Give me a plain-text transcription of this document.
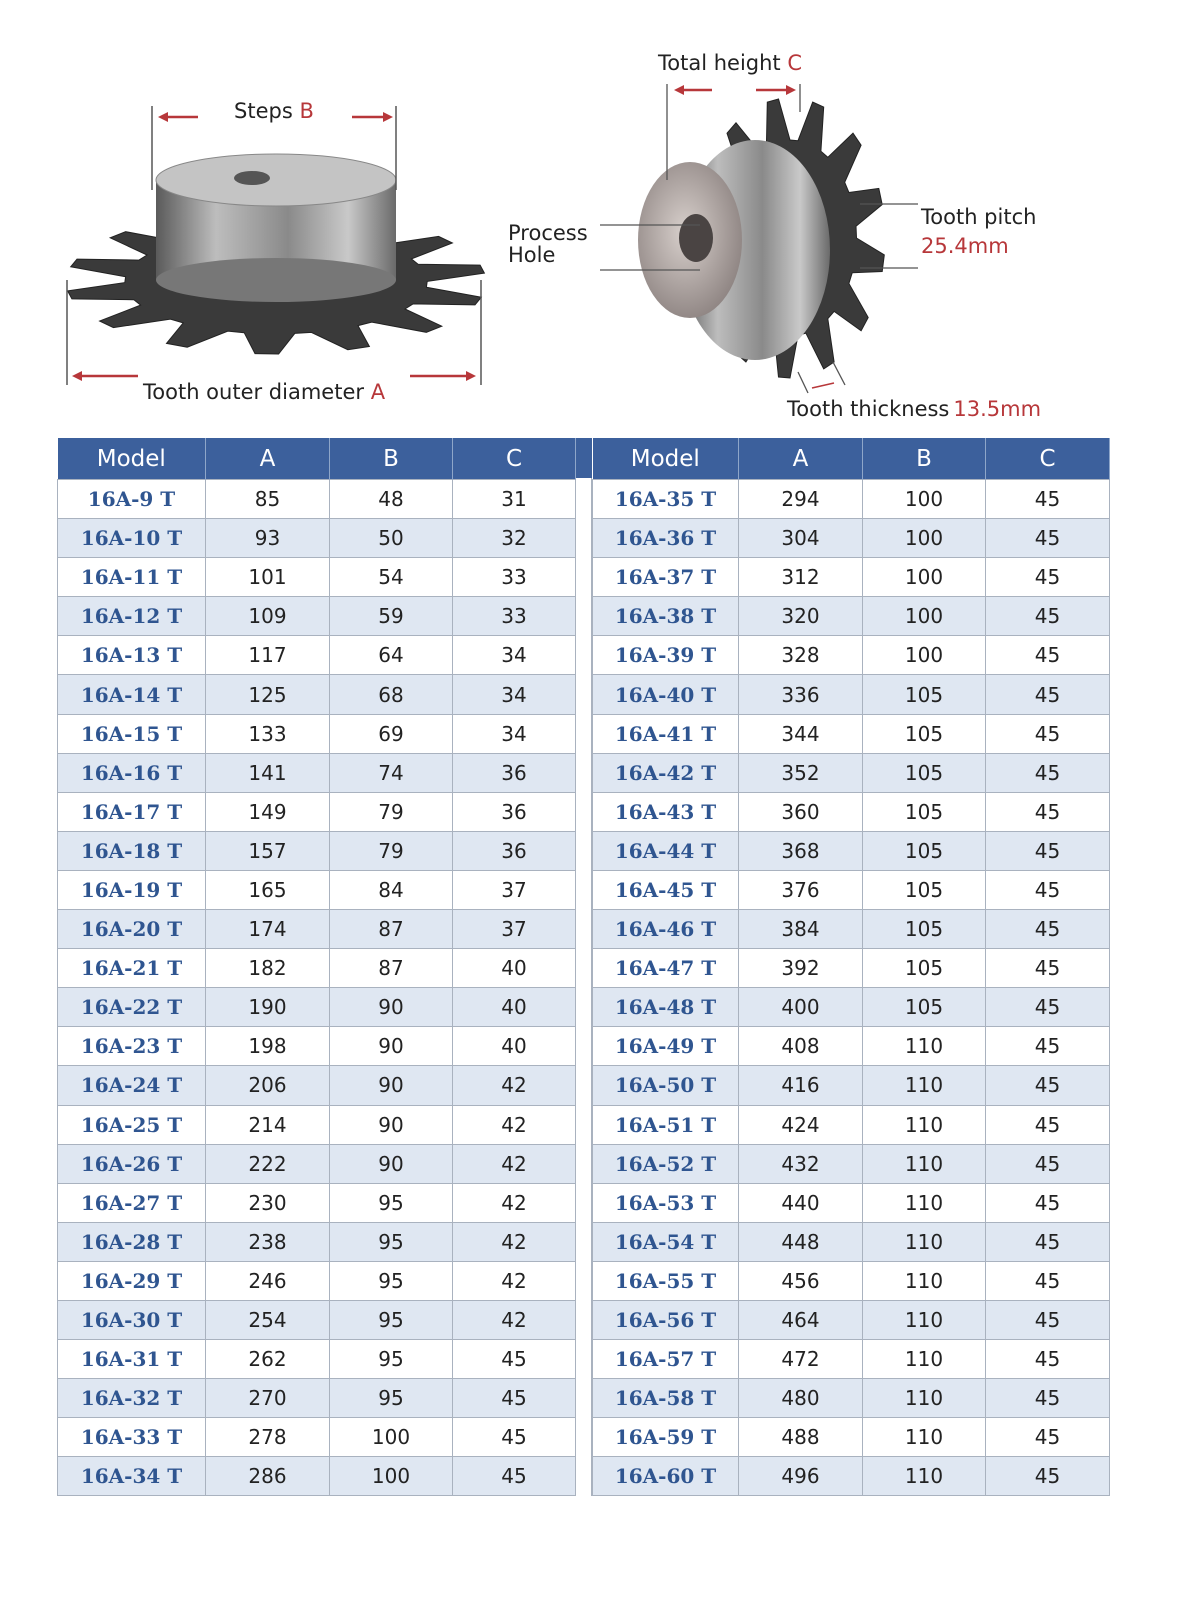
Steps B
Tooth outer diameter A
Total height C
Process
Hole
Tooth pitch
25.4mm
Tooth thickness 13.5mm
Model	A	B	C
16A-9 T	85	48	31
16A-10 T	93	50	32
16A-11 T	101	54	33
16A-12 T	109	59	33
16A-13 T	117	64	34
16A-14 T	125	68	34
16A-15 T	133	69	34
16A-16 T	141	74	36
16A-17 T	149	79	36
16A-18 T	157	79	36
16A-19 T	165	84	37
16A-20 T	174	87	37
16A-21 T	182	87	40
16A-22 T	190	90	40
16A-23 T	198	90	40
16A-24 T	206	90	42
16A-25 T	214	90	42
16A-26 T	222	90	42
16A-27 T	230	95	42
16A-28 T	238	95	42
16A-29 T	246	95	42
16A-30 T	254	95	42
16A-31 T	262	95	45
16A-32 T	270	95	45
16A-33 T	278	100	45
16A-34 T	286	100	45
Model	A	B	C
16A-35 T	294	100	45
16A-36 T	304	100	45
16A-37 T	312	100	45
16A-38 T	320	100	45
16A-39 T	328	100	45
16A-40 T	336	105	45
16A-41 T	344	105	45
16A-42 T	352	105	45
16A-43 T	360	105	45
16A-44 T	368	105	45
16A-45 T	376	105	45
16A-46 T	384	105	45
16A-47 T	392	105	45
16A-48 T	400	105	45
16A-49 T	408	110	45
16A-50 T	416	110	45
16A-51 T	424	110	45
16A-52 T	432	110	45
16A-53 T	440	110	45
16A-54 T	448	110	45
16A-55 T	456	110	45
16A-56 T	464	110	45
16A-57 T	472	110	45
16A-58 T	480	110	45
16A-59 T	488	110	45
16A-60 T	496	110	45
